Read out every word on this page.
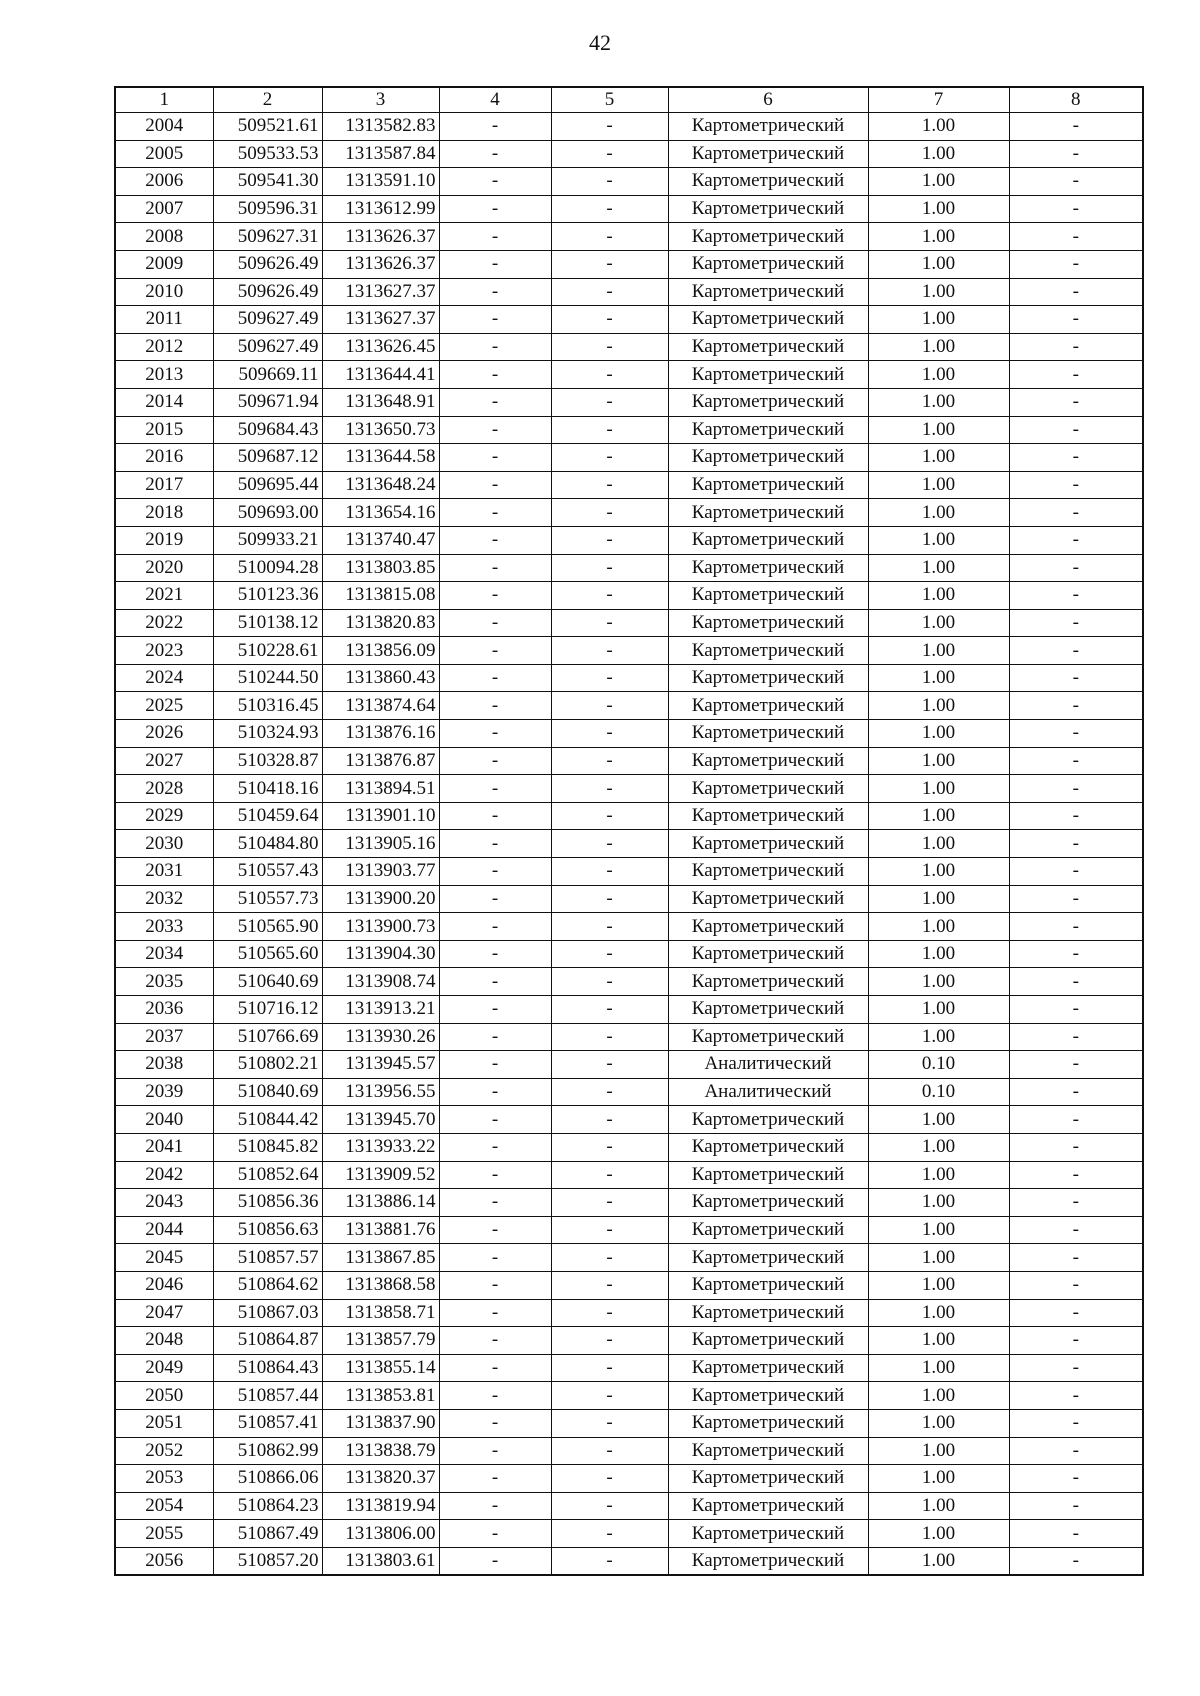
42
1	2	3	4	5	6	7	8
2004	509521.61	1313582.83	-	-	Картометрический	1.00	-
2005	509533.53	1313587.84	-	-	Картометрический	1.00	-
2006	509541.30	1313591.10	-	-	Картометрический	1.00	-
2007	509596.31	1313612.99	-	-	Картометрический	1.00	-
2008	509627.31	1313626.37	-	-	Картометрический	1.00	-
2009	509626.49	1313626.37	-	-	Картометрический	1.00	-
2010	509626.49	1313627.37	-	-	Картометрический	1.00	-
2011	509627.49	1313627.37	-	-	Картометрический	1.00	-
2012	509627.49	1313626.45	-	-	Картометрический	1.00	-
2013	509669.11	1313644.41	-	-	Картометрический	1.00	-
2014	509671.94	1313648.91	-	-	Картометрический	1.00	-
2015	509684.43	1313650.73	-	-	Картометрический	1.00	-
2016	509687.12	1313644.58	-	-	Картометрический	1.00	-
2017	509695.44	1313648.24	-	-	Картометрический	1.00	-
2018	509693.00	1313654.16	-	-	Картометрический	1.00	-
2019	509933.21	1313740.47	-	-	Картометрический	1.00	-
2020	510094.28	1313803.85	-	-	Картометрический	1.00	-
2021	510123.36	1313815.08	-	-	Картометрический	1.00	-
2022	510138.12	1313820.83	-	-	Картометрический	1.00	-
2023	510228.61	1313856.09	-	-	Картометрический	1.00	-
2024	510244.50	1313860.43	-	-	Картометрический	1.00	-
2025	510316.45	1313874.64	-	-	Картометрический	1.00	-
2026	510324.93	1313876.16	-	-	Картометрический	1.00	-
2027	510328.87	1313876.87	-	-	Картометрический	1.00	-
2028	510418.16	1313894.51	-	-	Картометрический	1.00	-
2029	510459.64	1313901.10	-	-	Картометрический	1.00	-
2030	510484.80	1313905.16	-	-	Картометрический	1.00	-
2031	510557.43	1313903.77	-	-	Картометрический	1.00	-
2032	510557.73	1313900.20	-	-	Картометрический	1.00	-
2033	510565.90	1313900.73	-	-	Картометрический	1.00	-
2034	510565.60	1313904.30	-	-	Картометрический	1.00	-
2035	510640.69	1313908.74	-	-	Картометрический	1.00	-
2036	510716.12	1313913.21	-	-	Картометрический	1.00	-
2037	510766.69	1313930.26	-	-	Картометрический	1.00	-
2038	510802.21	1313945.57	-	-	Аналитический	0.10	-
2039	510840.69	1313956.55	-	-	Аналитический	0.10	-
2040	510844.42	1313945.70	-	-	Картометрический	1.00	-
2041	510845.82	1313933.22	-	-	Картометрический	1.00	-
2042	510852.64	1313909.52	-	-	Картометрический	1.00	-
2043	510856.36	1313886.14	-	-	Картометрический	1.00	-
2044	510856.63	1313881.76	-	-	Картометрический	1.00	-
2045	510857.57	1313867.85	-	-	Картометрический	1.00	-
2046	510864.62	1313868.58	-	-	Картометрический	1.00	-
2047	510867.03	1313858.71	-	-	Картометрический	1.00	-
2048	510864.87	1313857.79	-	-	Картометрический	1.00	-
2049	510864.43	1313855.14	-	-	Картометрический	1.00	-
2050	510857.44	1313853.81	-	-	Картометрический	1.00	-
2051	510857.41	1313837.90	-	-	Картометрический	1.00	-
2052	510862.99	1313838.79	-	-	Картометрический	1.00	-
2053	510866.06	1313820.37	-	-	Картометрический	1.00	-
2054	510864.23	1313819.94	-	-	Картометрический	1.00	-
2055	510867.49	1313806.00	-	-	Картометрический	1.00	-
2056	510857.20	1313803.61	-	-	Картометрический	1.00	-
